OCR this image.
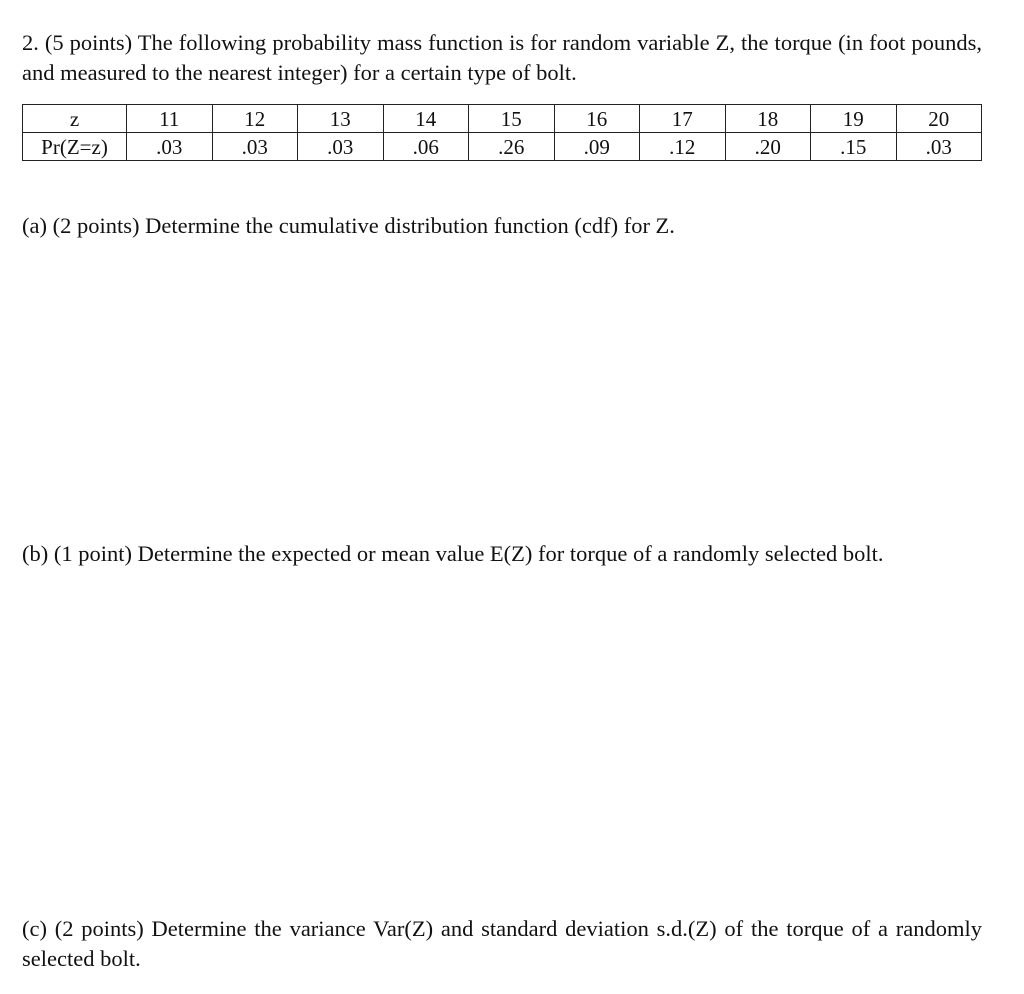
2. (5 points) The following probability mass function is for random variable Z, the torque (in foot pounds, and measured to the nearest integer) for a certain type of bolt.
z	11	12	13	14	15	16	17	18	19	20
Pr(Z=z)	.03	.03	.03	.06	.26	.09	.12	.20	.15	.03
(a) (2 points) Determine the cumulative distribution function (cdf) for Z.
(b) (1 point) Determine the expected or mean value E(Z) for torque of a randomly selected bolt.
(c) (2 points) Determine the variance Var(Z) and standard deviation s.d.(Z) of the torque of a randomly selected bolt.
